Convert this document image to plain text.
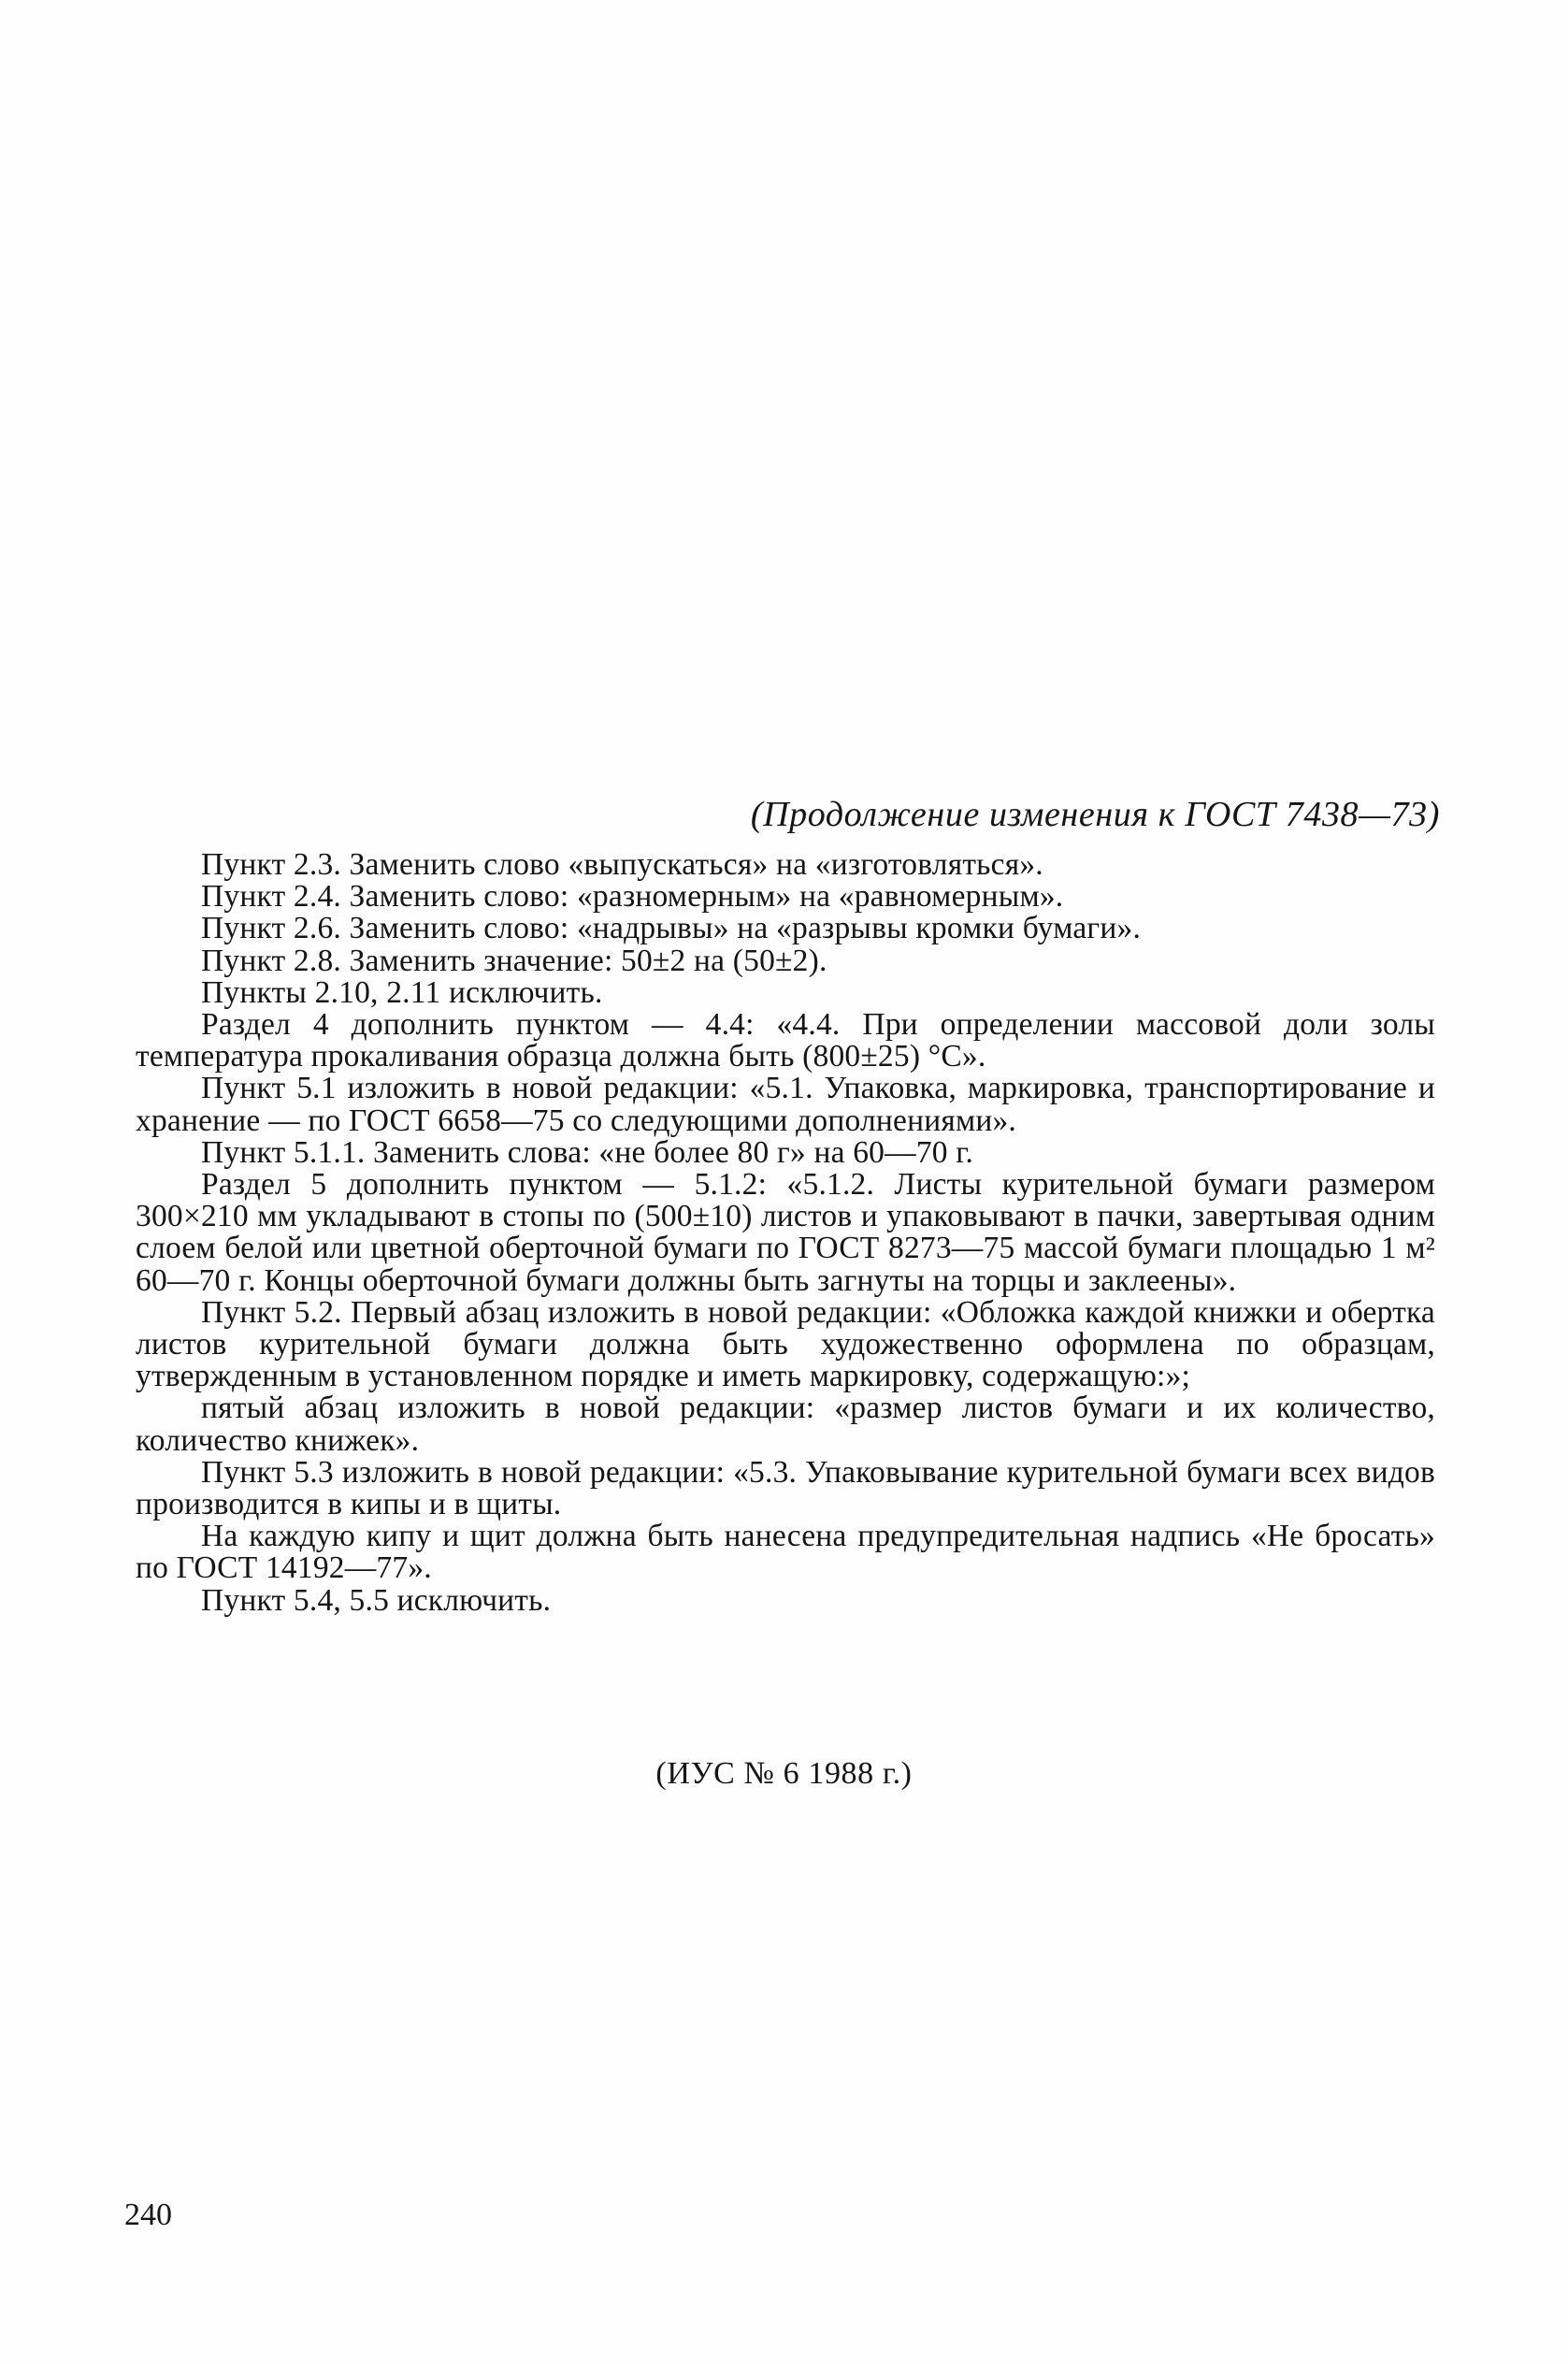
(Продолжение изменения к ГОСТ 7438—73)

Пункт 2.3. Заменить слово «выпускаться» на «изготовляться».

Пункт 2.4. Заменить слово: «разномерным» на «равномерным».

Пункт 2.6. Заменить слово: «надрывы» на «разрывы кромки бумаги».

Пункт 2.8. Заменить значение: 50±2 на (50±2).

Пункты 2.10, 2.11 исключить.

Раздел 4 дополнить пунктом — 4.4: «4.4. При определении массовой доли золы температура прокаливания образца должна быть (800±25) °С».

Пункт 5.1 изложить в новой редакции: «5.1. Упаковка, маркировка, транспортирование и хранение — по ГОСТ 6658—75 со следующими дополнениями».

Пункт 5.1.1. Заменить слова: «не более 80 г» на 60—70 г.

Раздел 5 дополнить пунктом — 5.1.2: «5.1.2. Листы курительной бумаги размером 300×210 мм укладывают в стопы по (500±10) листов и упаковывают в пачки, завертывая одним слоем белой или цветной оберточной бумаги по ГОСТ 8273—75 массой бумаги площадью 1 м² 60—70 г. Концы оберточной бумаги должны быть загнуты на торцы и заклеены».

Пункт 5.2. Первый абзац изложить в новой редакции: «Обложка каждой книжки и обертка листов курительной бумаги должна быть художественно оформлена по образцам, утвержденным в установленном порядке и иметь маркировку, содержащую:»;

пятый абзац изложить в новой редакции: «размер листов бумаги и их количество, количество книжек».

Пункт 5.3 изложить в новой редакции: «5.3. Упаковывание курительной бумаги всех видов производится в кипы и в щиты.

На каждую кипу и щит должна быть нанесена предупредительная надпись «Не бросать» по ГОСТ 14192—77».

Пункт 5.4, 5.5 исключить.

(ИУС № 6 1988 г.)
240
